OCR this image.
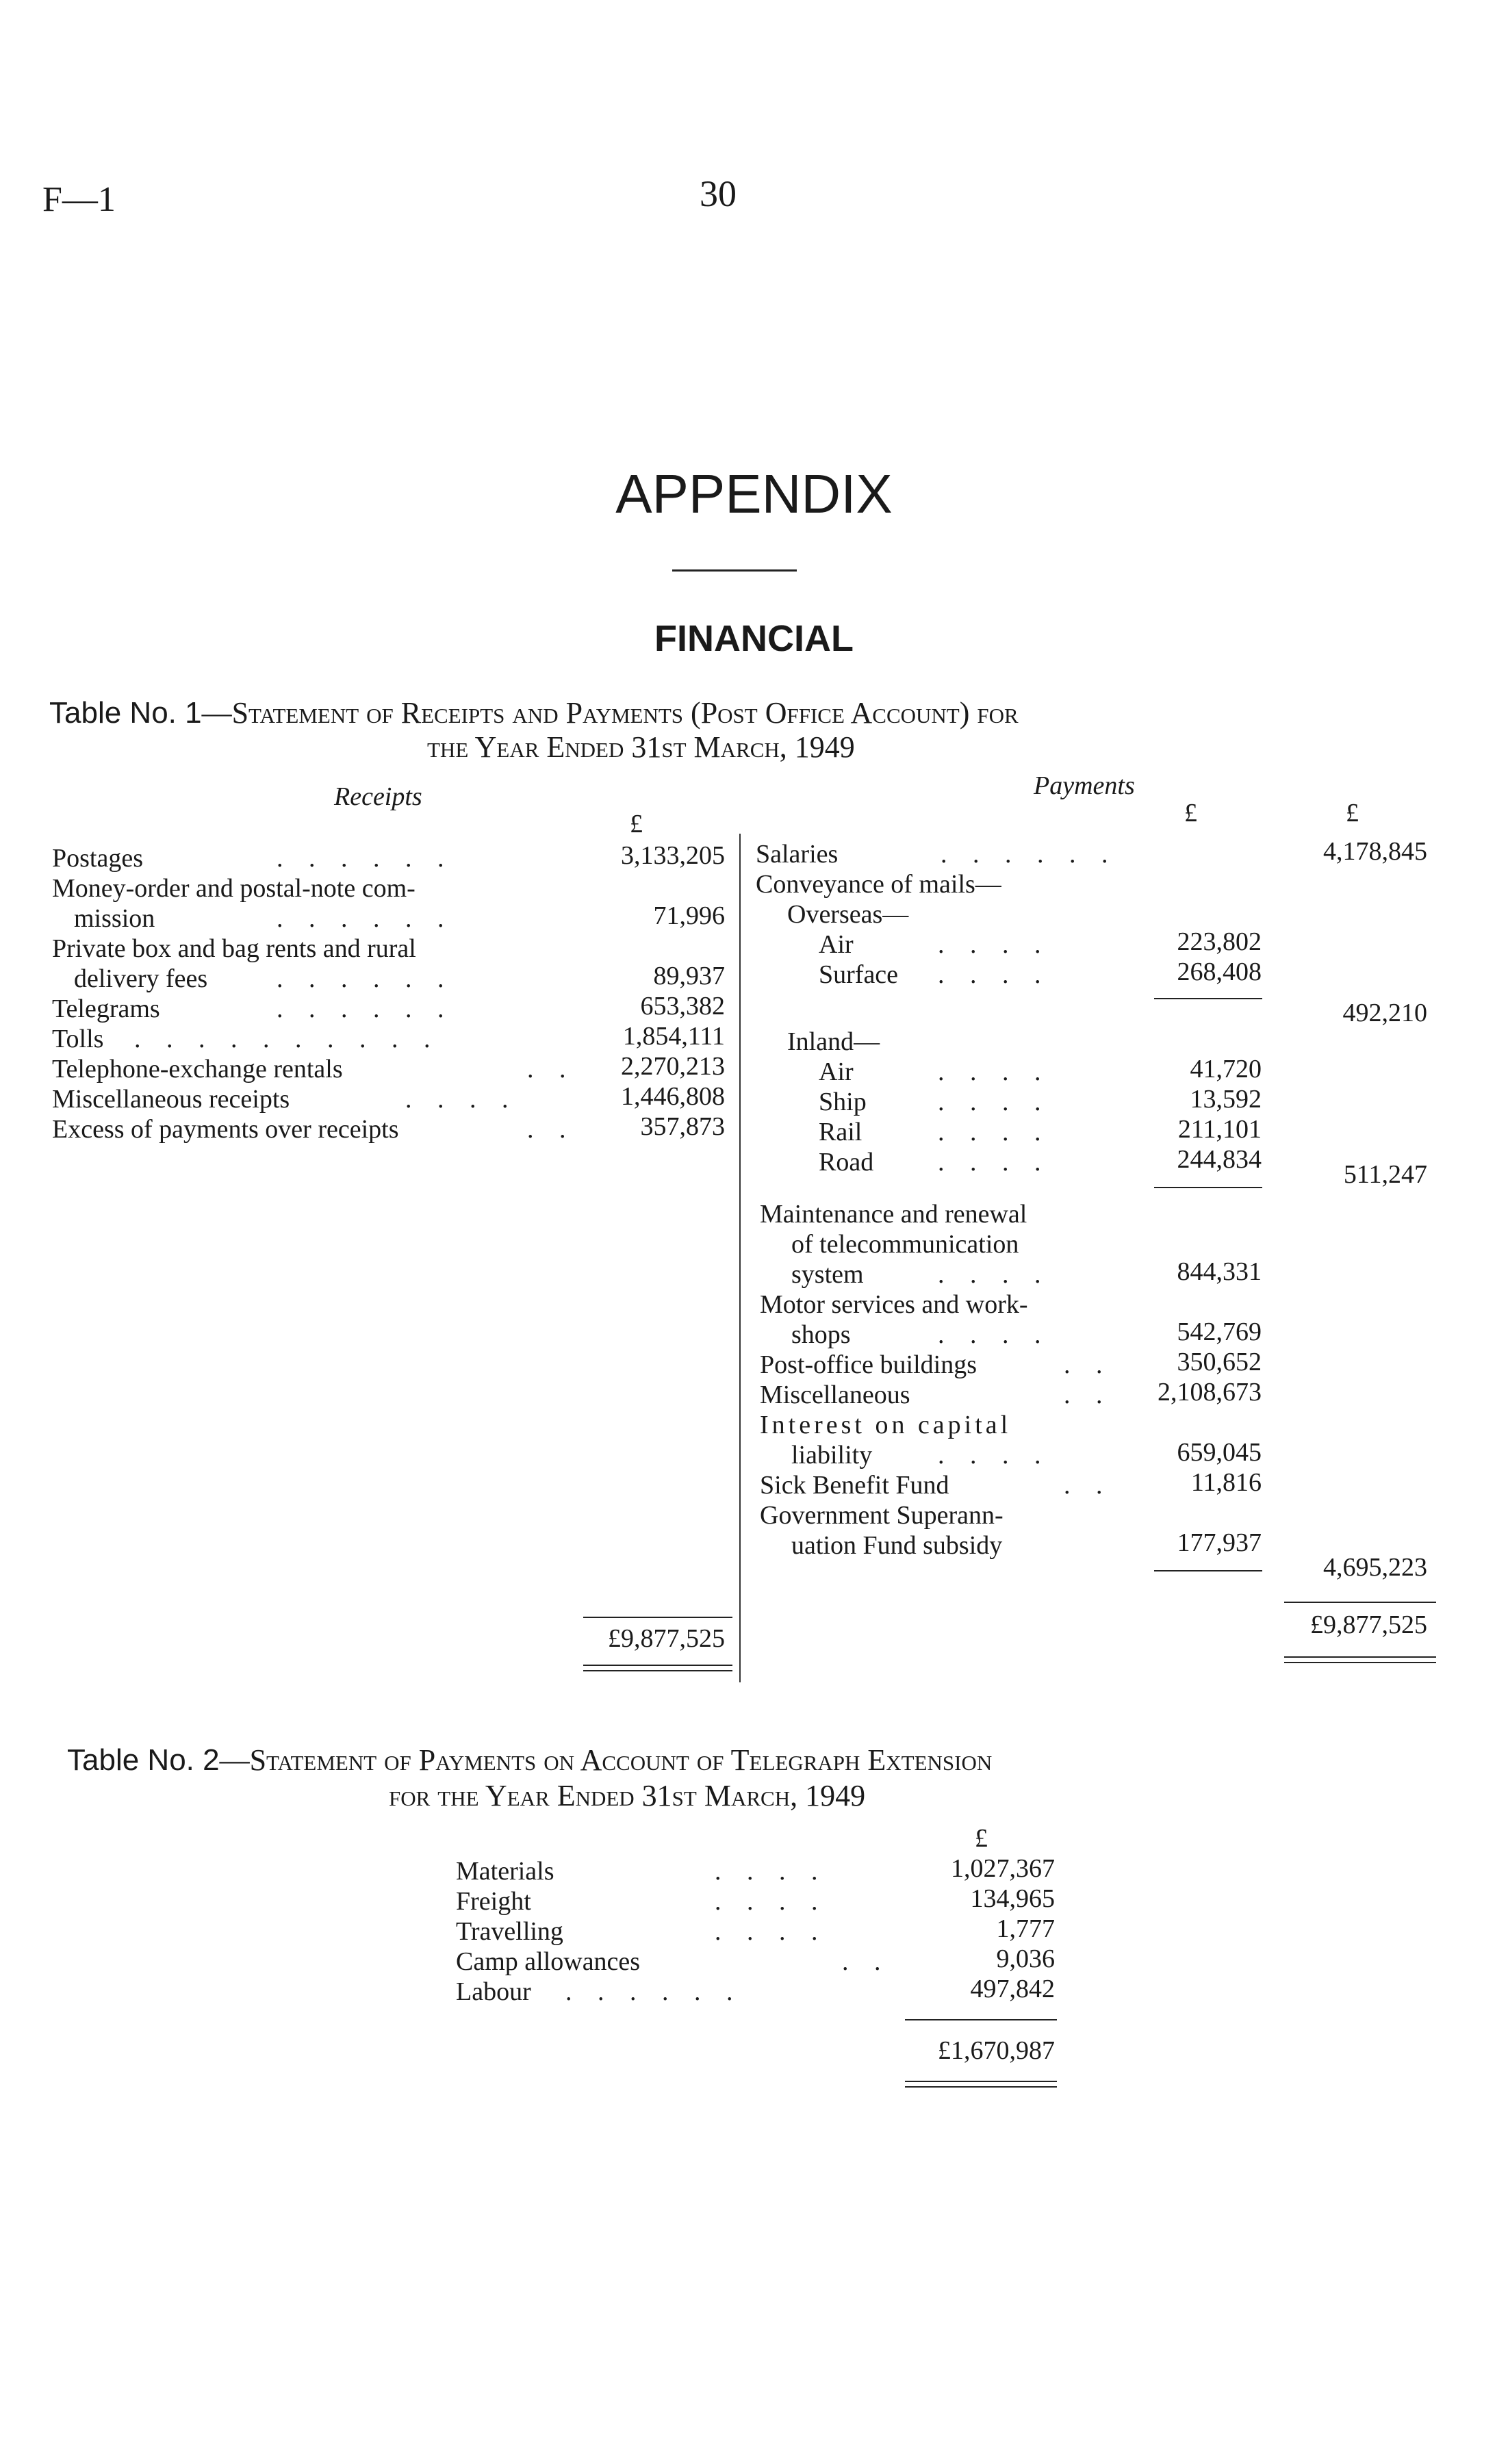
F—1	30
APPENDIX
FINANCIAL
Table No. 1—Statement of Receipts and Payments (Post Office Account) for
the Year Ended 31st March, 1949
Receipts	Payments
£	£	£
Postages	. . . . . .	3,133,205
Money-order and postal-note com-
mission	. . . . . .	71,996
Private box and bag rents and rural
delivery fees	. . . . . .	89,937
Telegrams	. . . . . .	653,382
Tolls . . . . . . . . . .	1,854,111
Telephone-exchange rentals	. . 2,270,213
Miscellaneous receipts	. . . .	1,446,808
Excess of payments over receipts	. .	357,873
£9,877,525
Salaries	. . . . . .	4,178,845
Conveyance of mails—
Overseas—
Air	. . . .	223,802
Surface . . . .	268,408
492,210
Inland—
Air	. . . .	41,720
Ship	. . . .	13,592
Rail	. . . .	211,101
Road . . . .	244,834
511,247
Maintenance and renewal
of telecommunication
system	. . . .	844,331
Motor services and work-
shops	. . . .	542,769
Post-office buildings	. .	350,652
Miscellaneous	. . 2,108,673
Interest on capital
liability	. . . .	659,045
Sick Benefit Fund	. .	11,816
Government Superann-
uation Fund subsidy	177,937
4,695,223
£9,877,525
Table No. 2—Statement of Payments on Account of Telegraph Extension
for the Year Ended 31st March, 1949
£
Materials	. . . .	1,027,367
Freight	. . . .	134,965
Travelling	. . . .	1,777
Camp allowances	. .	9,036
Labour . . . . . .	497,842
£1,670,987
